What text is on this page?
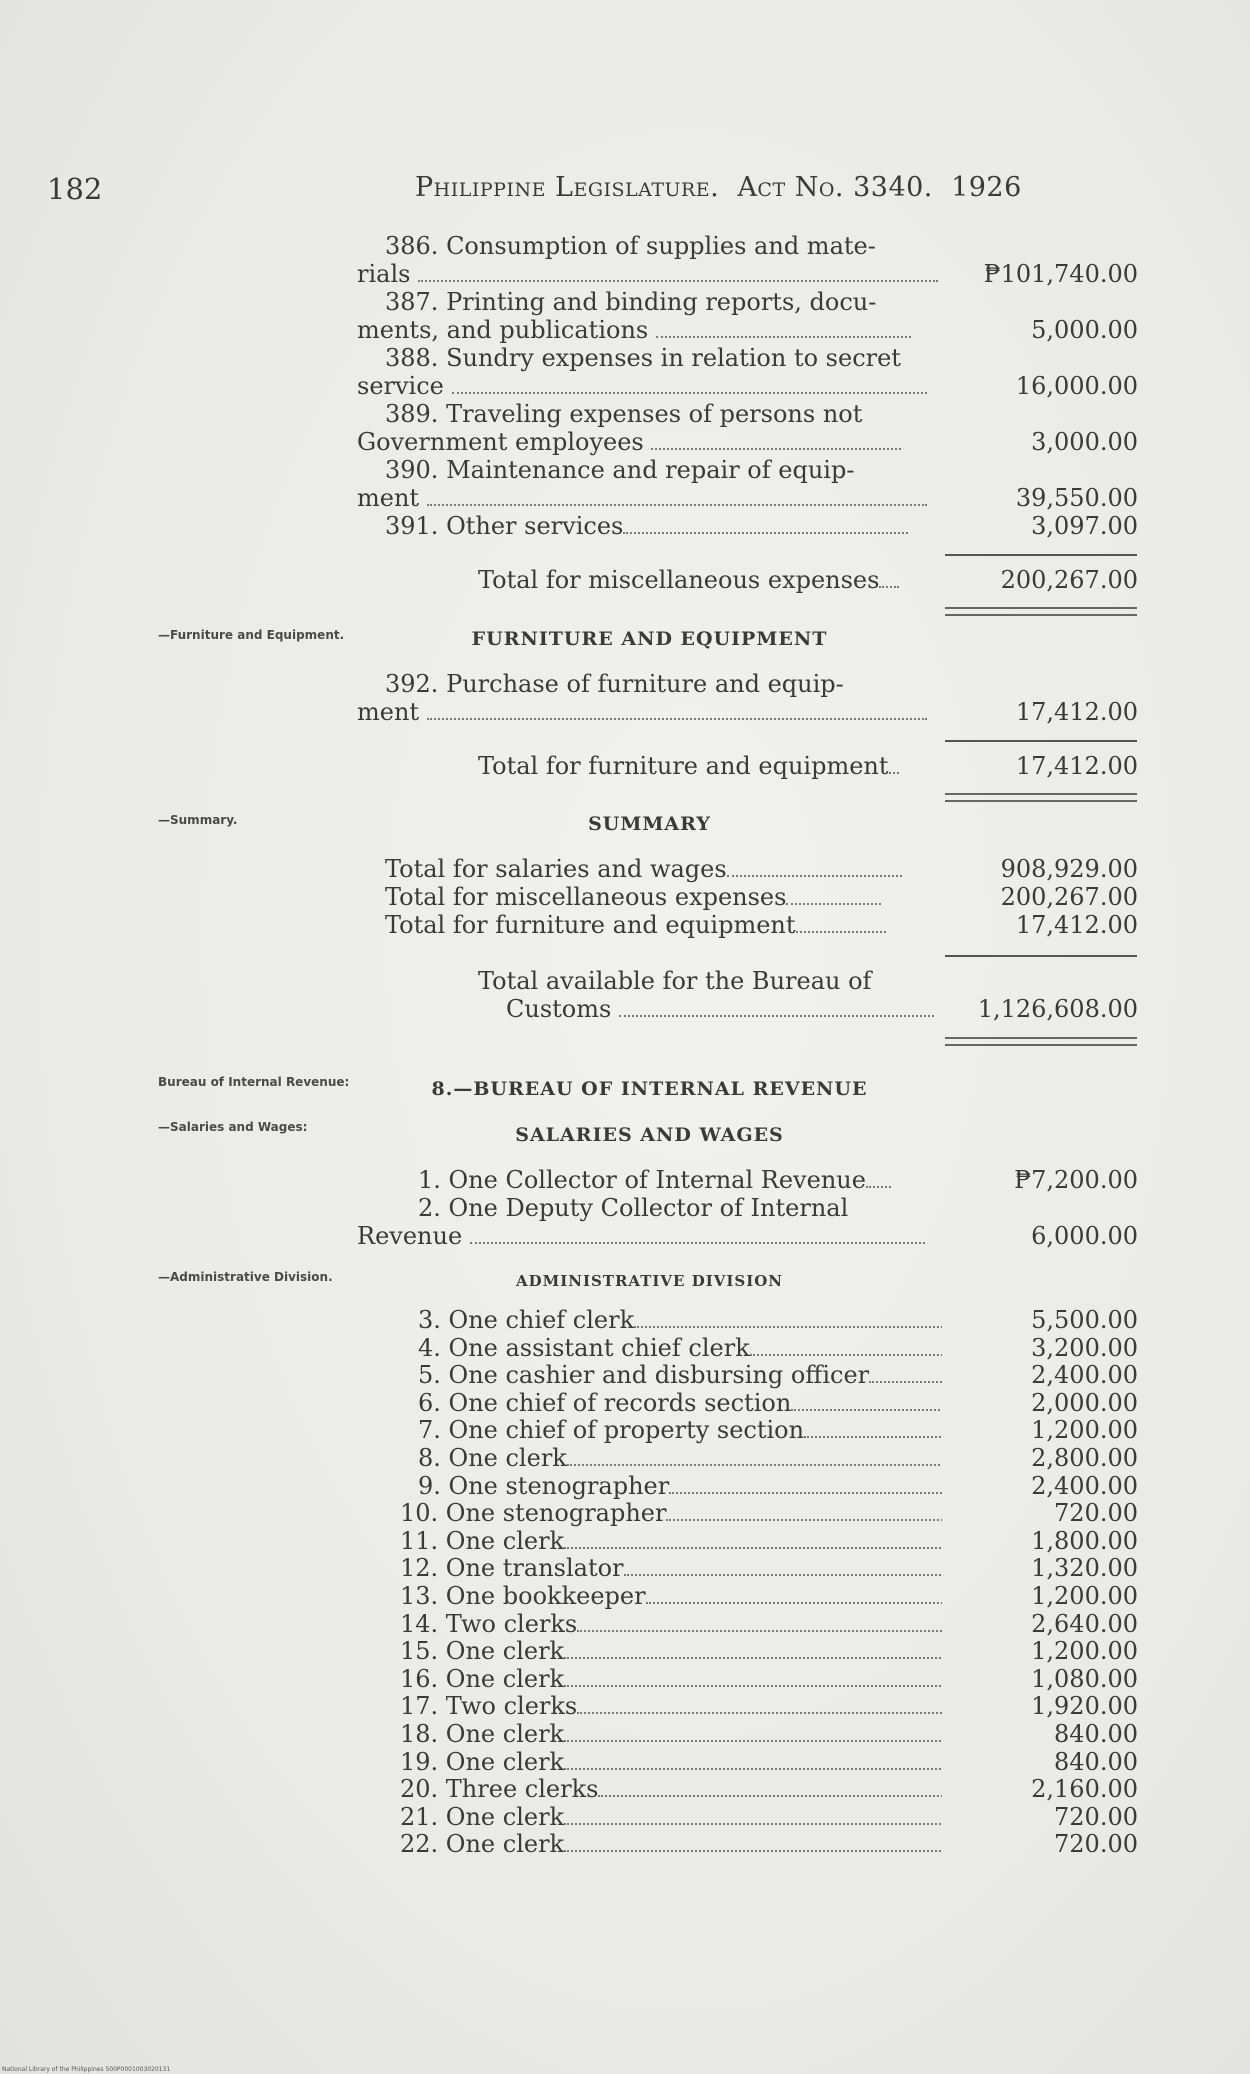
182	Philippine Legislature. Act No. 3340. 1926
386. Consumption of supplies and mate-
rials	₱101,740.00
387. Printing and binding reports, docu-
ments, and publications	5,000.00
388. Sundry expenses in relation to secret
service	16,000.00
389. Traveling expenses of persons not
Government employees	3,000.00
390. Maintenance and repair of equip-
ment	39,550.00
391. Other services	3,097.00
Total for miscellaneous expenses	200,267.00
—Furniture and Equipment.	FURNITURE AND EQUIPMENT
392. Purchase of furniture and equip-
ment	17,412.00
Total for furniture and equipment	17,412.00
—Summary.	SUMMARY
Total for salaries and wages	908,929.00
Total for miscellaneous expenses	200,267.00
Total for furniture and equipment	17,412.00
Total available for the Bureau of
Customs	1,126,608.00
Bureau of Internal Revenue:
—Salaries and Wages:
8.—BUREAU OF INTERNAL REVENUE
SALARIES AND WAGES
1. One Collector of Internal Revenue	₱7,200.00
2. One Deputy Collector of Internal
Revenue	6,000.00
—Administrative Division.	ADMINISTRATIVE DIVISION
3. One chief clerk	5,500.00
4. One assistant chief clerk	3,200.00
5. One cashier and disbursing officer	2,400.00
6. One chief of records section	2,000.00
7. One chief of property section	1,200.00
8. One clerk	2,800.00
9. One stenographer	2,400.00
10. One stenographer	720.00
11. One clerk	1,800.00
12. One translator	1,320.00
13. One bookkeeper	1,200.00
14. Two clerks	2,640.00
15. One clerk	1,200.00
16. One clerk	1,080.00
17. Two clerks	1,920.00
18. One clerk	840.00
19. One clerk	840.00
20. Three clerks	2,160.00
21. One clerk	720.00
22. One clerk	720.00
National Library of the Philippines 500P0001003020131
